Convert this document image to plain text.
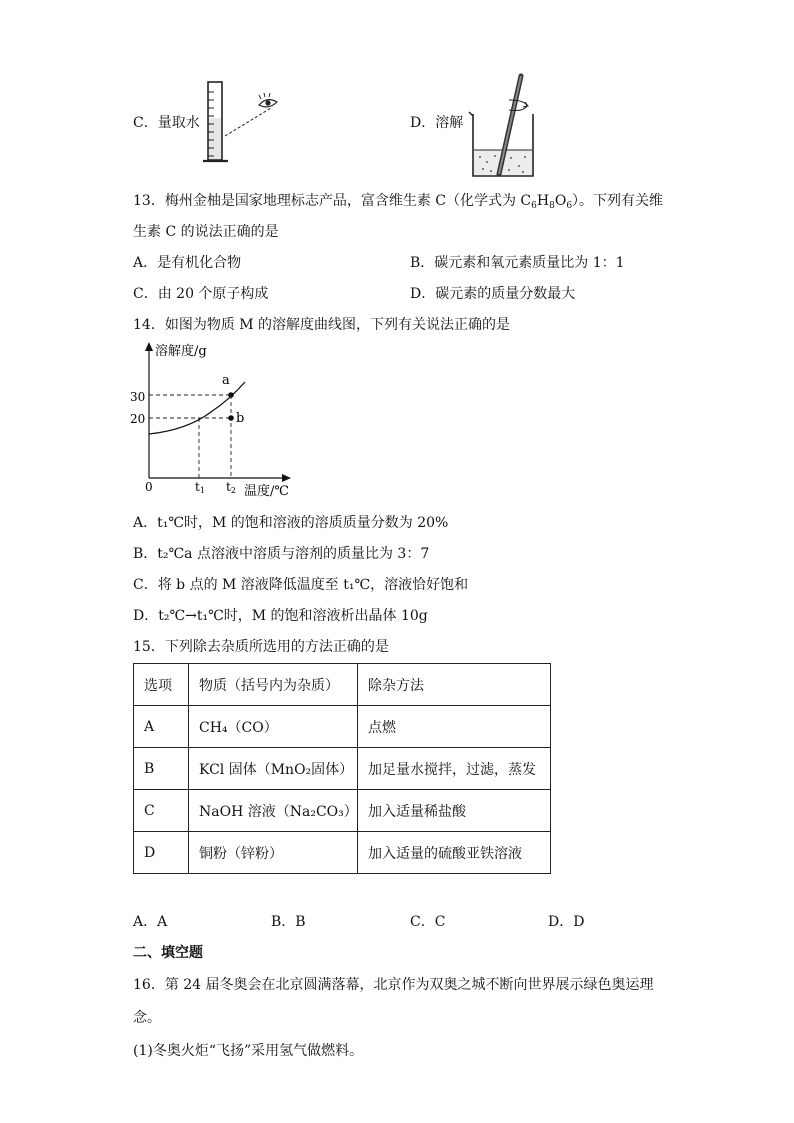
C．量取水	D．溶解
13．梅州金柚是国家地理标志产品，富含维生素 C（化学式为 $C_6H_8O_6$）。下列有关维
生素 C 的说法正确的是
A．是有机化合物	B．碳元素和氧元素质量比为 1：1
C．由 20 个原子构成	D．碳元素的质量分数最大
14．如图为物质 M 的溶解度曲线图，下列有关说法正确的是
溶解度/g
温度/℃
0
30
20
a
b
t1 t2
A．t₁℃时，M 的饱和溶液的溶质质量分数为 20%
B．t₂℃a 点溶液中溶质与溶剂的质量比为 3：7
C．将 b 点的 M 溶液降低温度至 t₁℃，溶液恰好饱和
D．t₂℃→t₁℃时，M 的饱和溶液析出晶体 10g
15．下列除去杂质所选用的方法正确的是
选项	物质（括号内为杂质）	除杂方法
A	CH₄（CO）	点燃
B	KCl 固体（MnO₂固体）	加足量水搅拌，过滤，蒸发
C	NaOH 溶液（Na₂CO₃）	加入适量稀盐酸
D	铜粉（锌粉）	加入适量的硫酸亚铁溶液
A．A	B．B	C．C	D．D
二、填空题
16．第 24 届冬奥会在北京圆满落幕，北京作为双奥之城不断向世界展示绿色奥运理
念。
(1)冬奥火炬“飞扬”采用氢气做燃料。
